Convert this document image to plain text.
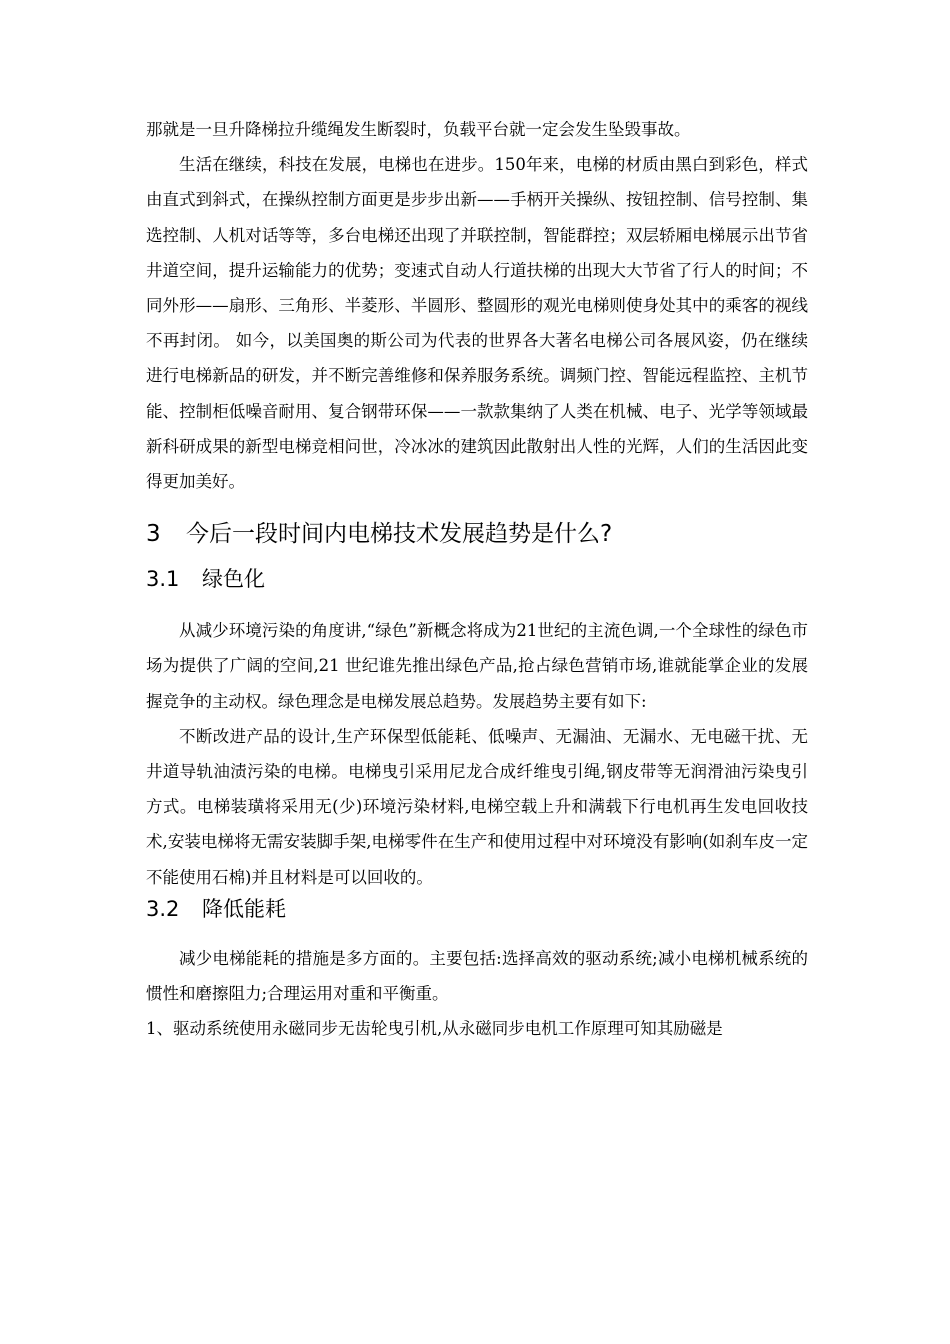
那就是一旦升降梯拉升缆绳发生断裂时，负载平台就一定会发生坠毁事故。

生活在继续，科技在发展，电梯也在进步。150年来，电梯的材质由黑白到彩色，样式由直式到斜式，在操纵控制方面更是步步出新——手柄开关操纵、按钮控制、信号控制、集选控制、人机对话等等，多台电梯还出现了并联控制，智能群控；双层轿厢电梯展示出节省井道空间，提升运输能力的优势；变速式自动人行道扶梯的出现大大节省了行人的时间；不同外形——扇形、三角形、半菱形、半圆形、整圆形的观光电梯则使身处其中的乘客的视线不再封闭。 如今，以美国奥的斯公司为代表的世界各大著名电梯公司各展风姿，仍在继续进行电梯新品的研发，并不断完善维修和保养服务系统。调频门控、智能远程监控、主机节能、控制柜低噪音耐用、复合钢带环保——一款款集纳了人类在机械、电子、光学等领域最新科研成果的新型电梯竞相问世，冷冰冰的建筑因此散射出人性的光辉，人们的生活因此变得更加美好。

3 今后一段时间内电梯技术发展趋势是什么?
3.1 绿色化

从减少环境污染的角度讲,“绿色”新概念将成为21世纪的主流色调,一个全球性的绿色市场为提供了广阔的空间,21 世纪谁先推出绿色产品,抢占绿色营销市场,谁就能掌企业的发展握竞争的主动权。绿色理念是电梯发展总趋势。发展趋势主要有如下:

不断改进产品的设计,生产环保型低能耗、低噪声、无漏油、无漏水、无电磁干扰、无井道导轨油渍污染的电梯。电梯曳引采用尼龙合成纤维曳引绳,钢皮带等无润滑油污染曳引方式。电梯装璜将采用无(少)环境污染材料,电梯空载上升和满载下行电机再生发电回收技术,安装电梯将无需安装脚手架,电梯零件在生产和使用过程中对环境没有影响(如刹车皮一定不能使用石棉)并且材料是可以回收的。

3.2 降低能耗

减少电梯能耗的措施是多方面的。主要包括:选择高效的驱动系统;减小电梯机械系统的惯性和磨擦阻力;合理运用对重和平衡重。

1、驱动系统使用永磁同步无齿轮曳引机,从永磁同步电机工作原理可知其励磁是
